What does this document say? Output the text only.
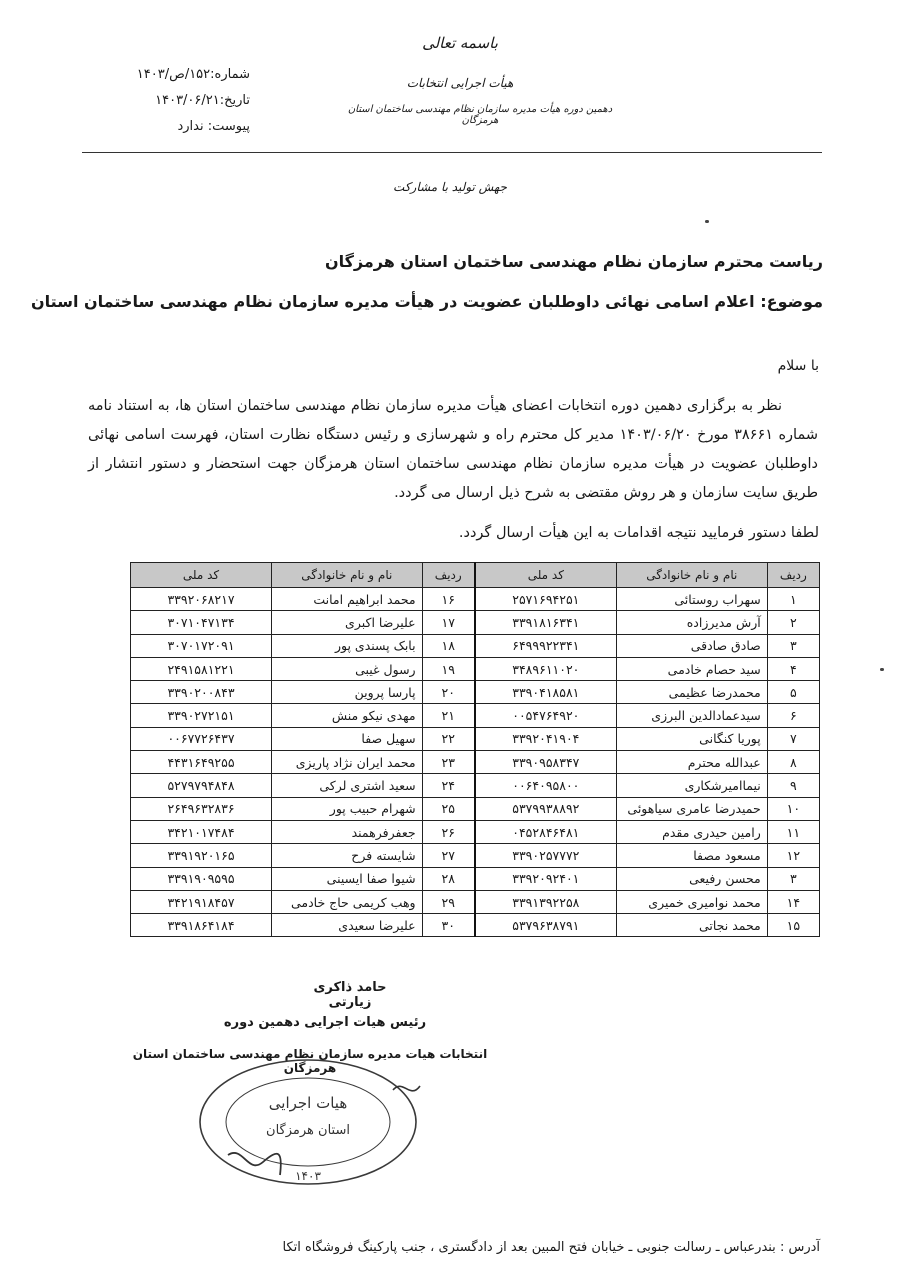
باسمه تعالی
هیأت اجرایی انتخابات
دهمین دوره هیأت مدیره سازمان نظام مهندسی ساختمان استان هرمزگان
شماره:۱۵۲/ص/۱۴۰۳
تاریخ:۱۴۰۳/۰۶/۲۱
پیوست: ندارد
جهش تولید با مشارکت
ریاست محترم سازمان نظام مهندسی ساختمان استان هرمزگان
موضوع: اعلام اسامی نهائی داوطلبان عضویت در هیأت مدیره سازمان نظام مهندسی ساختمان استان
با سلام

نظر به برگزاری دهمین دوره انتخابات اعضای هیأت مدیره سازمان نظام مهندسی ساختمان استان ها، به استناد نامه شماره ۳۸۶۶۱ مورخ ۱۴۰۳/۰۶/۲۰ مدیر کل محترم راه و شهرسازی و رئیس دستگاه نظارت استان، فهرست اسامی نهائی داوطلبان عضویت در هیأت مدیره سازمان نظام مهندسی ساختمان استان هرمزگان جهت استحضار و دستور انتشار از طریق سایت سازمان و هر روش مقتضی به شرح ذیل ارسال می گردد.

لطفا دستور فرمایید نتیجه اقدامات به این هیأت ارسال گردد.
ردیف	نام و نام خانوادگی	کد ملی	ردیف	نام و نام خانوادگی	کد ملی
۱	سهراب روستائی	۲۵۷۱۶۹۴۲۵۱	۱۶	محمد ابراهیم امانت	۳۳۹۲۰۶۸۲۱۷
۲	آرش مدیرزاده	۳۳۹۱۸۱۶۳۴۱	۱۷	علیرضا اکبری	۳۰۷۱۰۴۷۱۳۴
۳	صادق صادقی	۶۴۹۹۹۲۲۳۴۱	۱۸	بابک پسندی پور	۳۰۷۰۱۷۲۰۹۱
۴	سید حصام خادمی	۳۴۸۹۶۱۱۰۲۰	۱۹	رسول غیبی	۲۴۹۱۵۸۱۲۲۱
۵	محمدرضا عظیمی	۳۳۹۰۴۱۸۵۸۱	۲۰	پارسا پروین	۳۳۹۰۲۰۰۸۴۳
۶	سیدعمادالدین البرزی	۰۰۵۴۷۶۴۹۲۰	۲۱	مهدی نیکو منش	۳۳۹۰۲۷۲۱۵۱
۷	پوریا کنگانی	۳۳۹۲۰۴۱۹۰۴	۲۲	سهیل صفا	۰۰۶۷۷۲۶۴۳۷
۸	عبدالله محترم	۳۳۹۰۹۵۸۳۴۷	۲۳	محمد ایران نژاد پاریزی	۴۴۳۱۶۴۹۲۵۵
۹	نیماامیرشکاری	۰۰۶۴۰۹۵۸۰۰	۲۴	سعید اشتری لرکی	۵۲۷۹۷۹۴۸۴۸
۱۰	حمیدرضا عامری سیاهوئی	۵۳۷۹۹۳۸۸۹۲	۲۵	شهرام حبیب پور	۲۶۴۹۶۳۲۸۳۶
۱۱	رامین حیدری مقدم	۰۴۵۲۸۴۶۴۸۱	۲۶	جعفرفرهمند	۳۴۲۱۰۱۷۴۸۴
۱۲	مسعود مصفا	۳۳۹۰۲۵۷۷۷۲	۲۷	شایسته فرح	۳۳۹۱۹۲۰۱۶۵
۳	محسن رفیعی	۳۳۹۲۰۹۲۴۰۱	۲۸	شیوا صفا ایسینی	۳۳۹۱۹۰۹۵۹۵
۱۴	محمد نوامیری خمیری	۳۳۹۱۳۹۲۲۵۸	۲۹	وهب کریمی حاج خادمی	۳۴۲۱۹۱۸۴۵۷
۱۵	محمد نجاتی	۵۳۷۹۶۳۸۷۹۱	۳۰	علیرضا سعیدی	۳۳۹۱۸۶۴۱۸۴
حامد ذاکری زیارتی
رئیس هیات اجرایی دهمین دوره
انتخابات هیات مدیره سازمان نظام مهندسی ساختمان استان هرمزگان
هیات اجرایی
استان هرمزگان
۱۴۰۳
آدرس : بندرعباس ـ رسالت جنوبی ـ خیابان فتح المبین بعد از دادگستری ، جنب پارکینگ فروشگاه اتکا
